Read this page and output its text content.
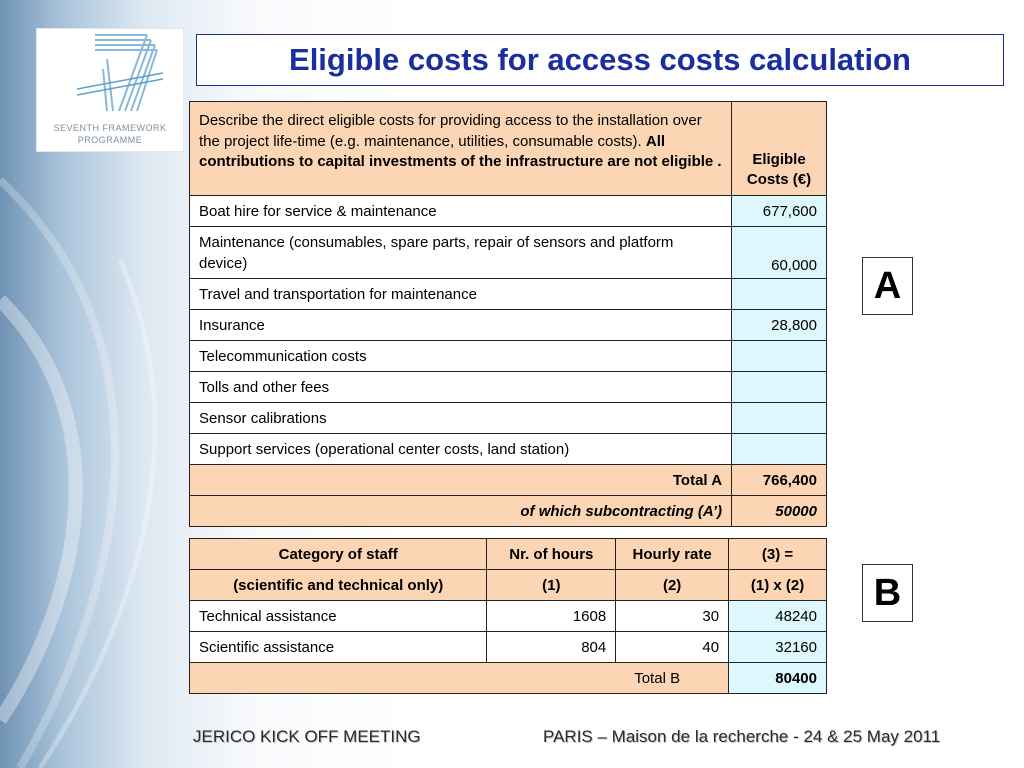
SEVENTH FRAMEWORK
PROGRAMME
Eligible costs for access costs calculation
Describe the direct eligible costs for providing access to the installation over the project life-time (e.g. maintenance, utilities, consumable costs). All contributions to capital investments of the infrastructure are not eligible .	Eligible Costs (€)
Boat hire for service & maintenance	677,600
Maintenance (consumables, spare parts, repair of sensors and platform device)	60,000
Travel and transportation for maintenance	
Insurance	28,800
Telecommunication costs	
Tolls and other fees	
Sensor calibrations	
Support services (operational center costs, land station)	
Total A	766,400
of which subcontracting (A’)	50000
Category of staff	Nr. of hours	Hourly rate	(3) =
(scientific and technical only)	(1)	(2)	(1) x (2)
Technical assistance	1608	30	48240
Scientific assistance	804	40	32160
Total B			80400
A
B
JERICO KICK OFF MEETING	PARIS – Maison de la recherche - 24 & 25 May 2011
